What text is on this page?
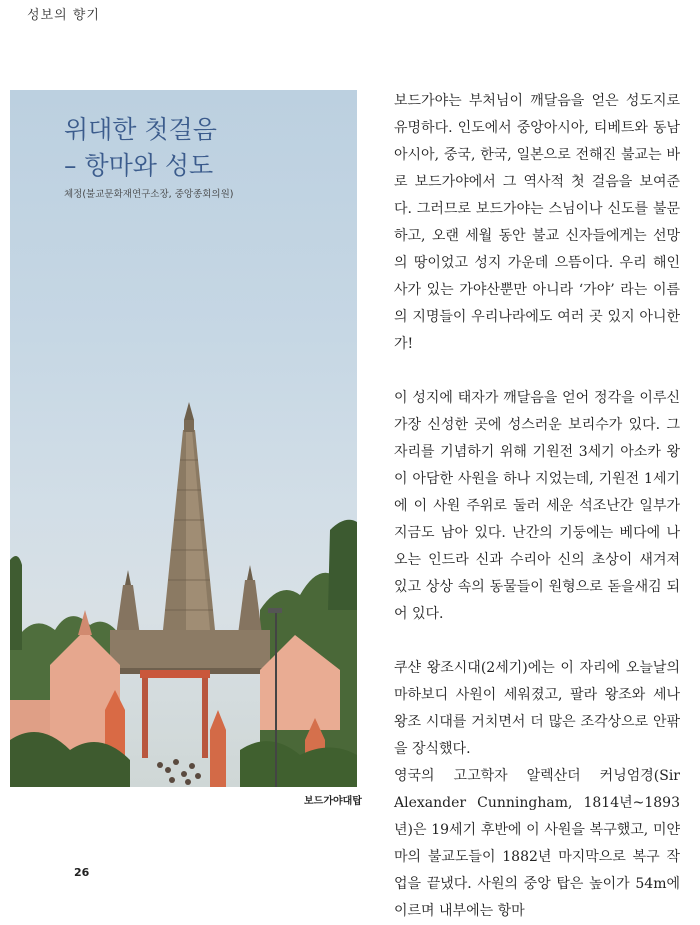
성보의 향기
위대한 첫걸음
– 항마와 성도
체정(불교문화재연구소장, 중앙종회의원)
보드가야대탑

보드가야는 부처님이 깨달음을 얻은 성도지로 유명하다. 인도에서 중앙아시아, 티베트와 동남아시아, 중국, 한국, 일본으로 전해진 불교는 바로 보드가야에서 그 역사적 첫 걸음을 보여준다. 그러므로 보드가야는 스님이나 신도를 불문하고, 오랜 세월 동안 불교 신자들에게는 선망의 땅이었고 성지 가운데 으뜸이다. 우리 해인사가 있는 가야산뿐만 아니라 ‘가야’ 라는 이름의 지명들이 우리나라에도 여러 곳 있지 아니한가!

이 성지에 태자가 깨달음을 얻어 정각을 이루신 가장 신성한 곳에 성스러운 보리수가 있다. 그 자리를 기념하기 위해 기원전 3세기 아소카 왕이 아담한 사원을 하나 지었는데, 기원전 1세기에 이 사원 주위로 둘러 세운 석조난간 일부가 지금도 남아 있다. 난간의 기둥에는 베다에 나오는 인드라 신과 수리아 신의 초상이 새겨져 있고 상상 속의 동물들이 원형으로 돋을새김 되어 있다.

쿠샨 왕조시대(2세기)에는 이 자리에 오늘날의 마하보디 사원이 세워졌고, 팔라 왕조와 세나 왕조 시대를 거치면서 더 많은 조각상으로 안팎을 장식했다.

영국의 고고학자 알렉산더 커닝엄경(Sir Alexander Cunningham, 1814년~1893년)은 19세기 후반에 이 사원을 복구했고, 미얀마의 불교도들이 1882년 마지막으로 복구 작업을 끝냈다. 사원의 중앙 탑은 높이가 54m에 이르며 내부에는 항마

26
